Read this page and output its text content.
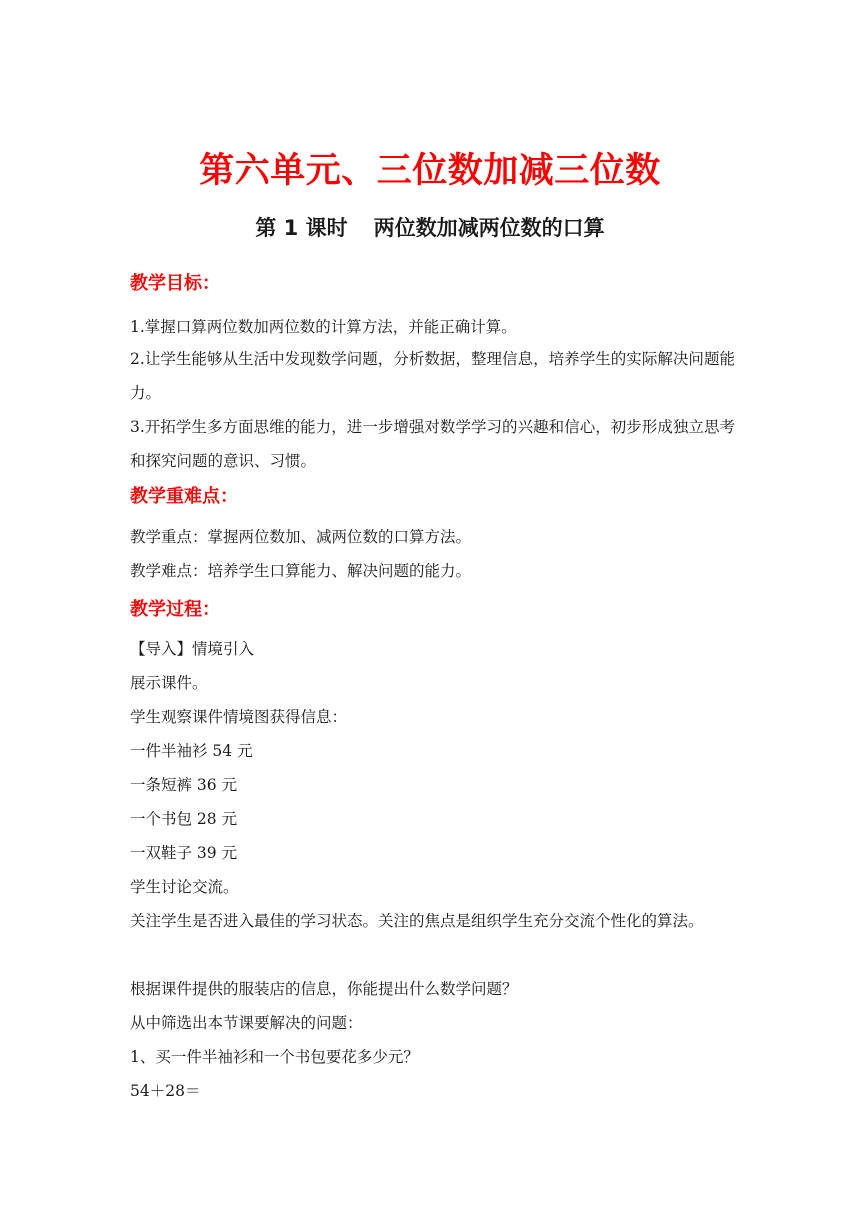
第六单元、三位数加减三位数
第 1 课时 两位数加减两位数的口算
教学目标：
1.掌握口算两位数加两位数的计算方法，并能正确计算。
2.让学生能够从生活中发现数学问题，分析数据，整理信息，培养学生的实际解决问题能力。
3.开拓学生多方面思维的能力，进一步增强对数学学习的兴趣和信心，初步形成独立思考和探究问题的意识、习惯。
教学重难点：
教学重点：掌握两位数加、减两位数的口算方法。
教学难点：培养学生口算能力、解决问题的能力。
教学过程：
【导入】情境引入
展示课件。
学生观察课件情境图获得信息：
一件半袖衫 54 元
一条短裤 36 元
一个书包 28 元
一双鞋子 39 元
学生讨论交流。
关注学生是否进入最佳的学习状态。关注的焦点是组织学生充分交流个性化的算法。
根据课件提供的服装店的信息，你能提出什么数学问题？
从中筛选出本节课要解决的问题：
1、买一件半袖衫和一个书包要花多少元？
54＋28＝
